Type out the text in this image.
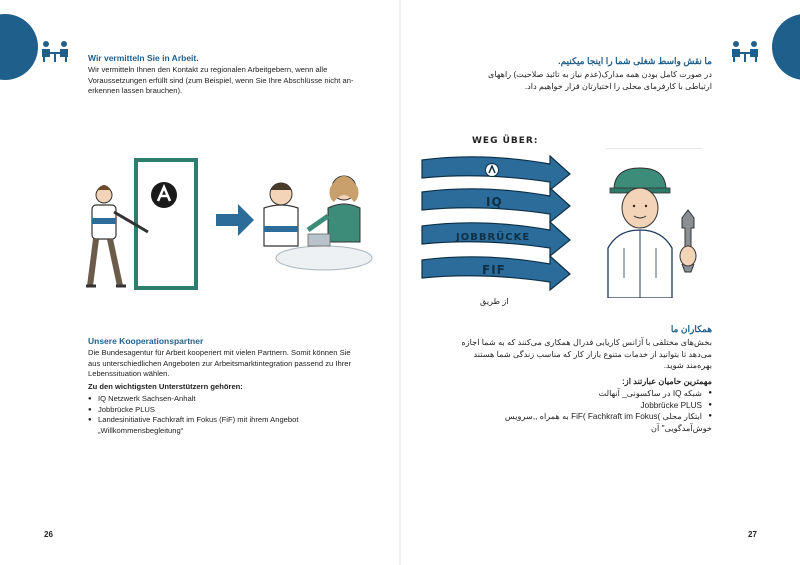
Wir vermitteln Sie in Arbeit.
Wir vermitteln Ihnen den Kontakt zu regionalen Arbeitgebern, wenn alle
Voraussetzungen erfüllt sind (zum Beispiel, wenn Sie Ihre Abschlüsse nicht an-
erkennen lassen brauchen).
Unsere Kooperationspartner
Die Bundesagentur für Arbeit kooperiert mit vielen Partnern. Somit können Sie
aus unterschiedlichen Angeboten zur Arbeitsmarktintegration passend zu Ihrer
Lebenssituation wählen.
Zu den wichtigsten Unterstützern gehören:
● IQ Netzwerk Sachsen-Anhalt
● Jobbrücke PLUS
● Landesinitiative Fachkraft im Fokus (FiF) mit ihrem Angebot
„Willkommensbegleitung“
26
ما نقش واسط شغلی شما را اینجا میکنیم.
در صورت کامل بودن همه مدارک(عدم نیاز به تائید صلاحیت) راههای
ارتباطی با کارفرمای محلی را اختیارتان قرار خواهیم داد.
WEG ÜBER:
IQ
JOBBRÜCKE
FIF
از طریق
همکاران ما
بخش‌های مختلفی با آژانس کاریابی فدرال همکاری می‌کنند که به شما اجازه
می‌دهد تا بتوانید از خدمات متنوع بازار کار که مناسب زندگی شما هستند
بهره‌مند شوید.
مهمترین حامیان عبارتند از:
● شبکه IQ در ساکسونی_ آنهالت
● Jobbrücke PLUS
● ابتکار محلی )FiF( Fachkraft im Fokus به همراه ,,سرویس
خوش‌آمدگویی" آن
27
